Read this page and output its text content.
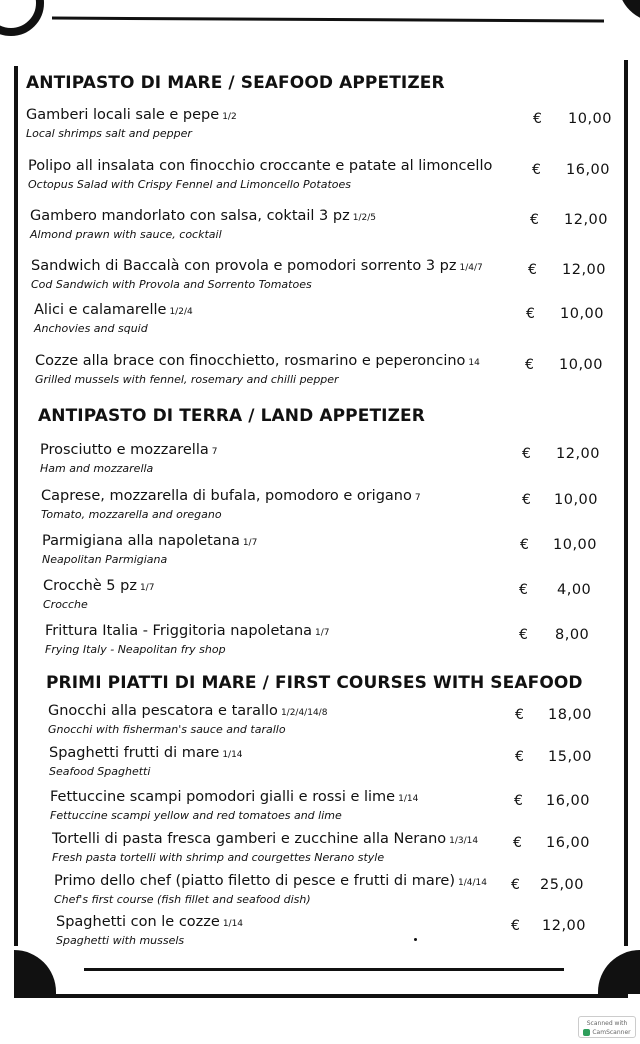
ANTIPASTO DI MARE / SEAFOOD APPETIZER
Gamberi locali sale e pepe 1/2
Local shrimps salt and pepper
€ 10,00
Polipo all insalata con finocchio croccante e patate al limoncello
Octopus Salad with Crispy Fennel and Limoncello Potatoes
€ 16,00
Gambero mandorlato con salsa, coktail 3 pz 1/2/5
Almond prawn with sauce, cocktail
€ 12,00
Sandwich di Baccalà con provola e pomodori sorrento 3 pz 1/4/7
Cod Sandwich with Provola and Sorrento Tomatoes
€ 12,00
Alici e calamarelle 1/2/4
Anchovies and squid
€ 10,00
Cozze alla brace con finocchietto, rosmarino e peperoncino 14
Grilled mussels with fennel, rosemary and chilli pepper
€ 10,00
ANTIPASTO DI TERRA / LAND APPETIZER
Prosciutto e mozzarella 7
Ham and mozzarella
€ 12,00
Caprese, mozzarella di bufala, pomodoro e origano 7
Tomato, mozzarella and oregano
€ 10,00
Parmigiana alla napoletana 1/7
Neapolitan Parmigiana
€ 10,00
Crocchè 5 pz 1/7
Crocche
€ 4,00
Frittura Italia - Friggitoria napoletana 1/7
Frying Italy - Neapolitan fry shop
€ 8,00
PRIMI PIATTI DI MARE / FIRST COURSES WITH SEAFOOD
Gnocchi alla pescatora e tarallo 1/2/4/14/8
Gnocchi with fisherman's sauce and tarallo
€ 18,00
Spaghetti frutti di mare 1/14
Seafood Spaghetti
€ 15,00
Fettuccine scampi pomodori gialli e rossi e lime 1/14
Fettuccine scampi yellow and red tomatoes and lime
€ 16,00
Tortelli di pasta fresca gamberi e zucchine alla Nerano 1/3/14
Fresh pasta tortelli with shrimp and courgettes Nerano style
€ 16,00
Primo dello chef (piatto filetto di pesce e frutti di mare) 1/4/14
Chef's first course (fish fillet and seafood dish)
€ 25,00
Spaghetti con le cozze 1/14
Spaghetti with mussels
€ 12,00
Scanned with
CamScanner
